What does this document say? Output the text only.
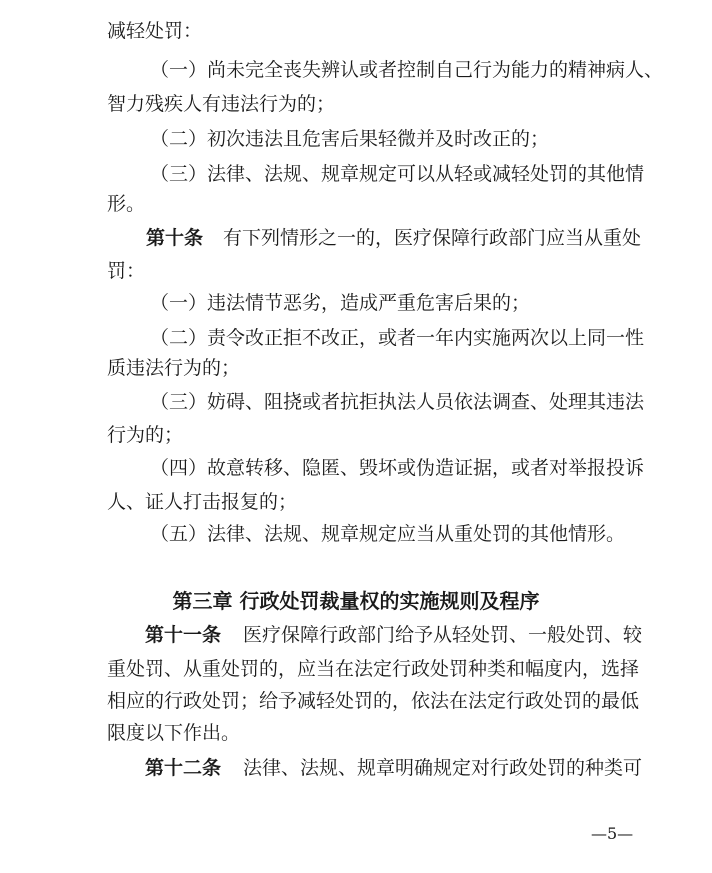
减轻处罚：
（一）尚未完全丧失辨认或者控制自己行为能力的精神病人、
智力残疾人有违法行为的；
（二）初次违法且危害后果轻微并及时改正的；
（三）法律、法规、规章规定可以从轻或减轻处罚的其他情
形。
第十条 有下列情形之一的，医疗保障行政部门应当从重处
罚：
（一）违法情节恶劣，造成严重危害后果的；
（二）责令改正拒不改正，或者一年内实施两次以上同一性
质违法行为的；
（三）妨碍、阻挠或者抗拒执法人员依法调查、处理其违法
行为的；
（四）故意转移、隐匿、毁坏或伪造证据，或者对举报投诉
人、证人打击报复的；
（五）法律、法规、规章规定应当从重处罚的其他情形。
第三章 行政处罚裁量权的实施规则及程序
第十一条 医疗保障行政部门给予从轻处罚、一般处罚、较
重处罚、从重处罚的，应当在法定行政处罚种类和幅度内，选择
相应的行政处罚；给予减轻处罚的，依法在法定行政处罚的最低
限度以下作出。
第十二条 法律、法规、规章明确规定对行政处罚的种类可
—5—
